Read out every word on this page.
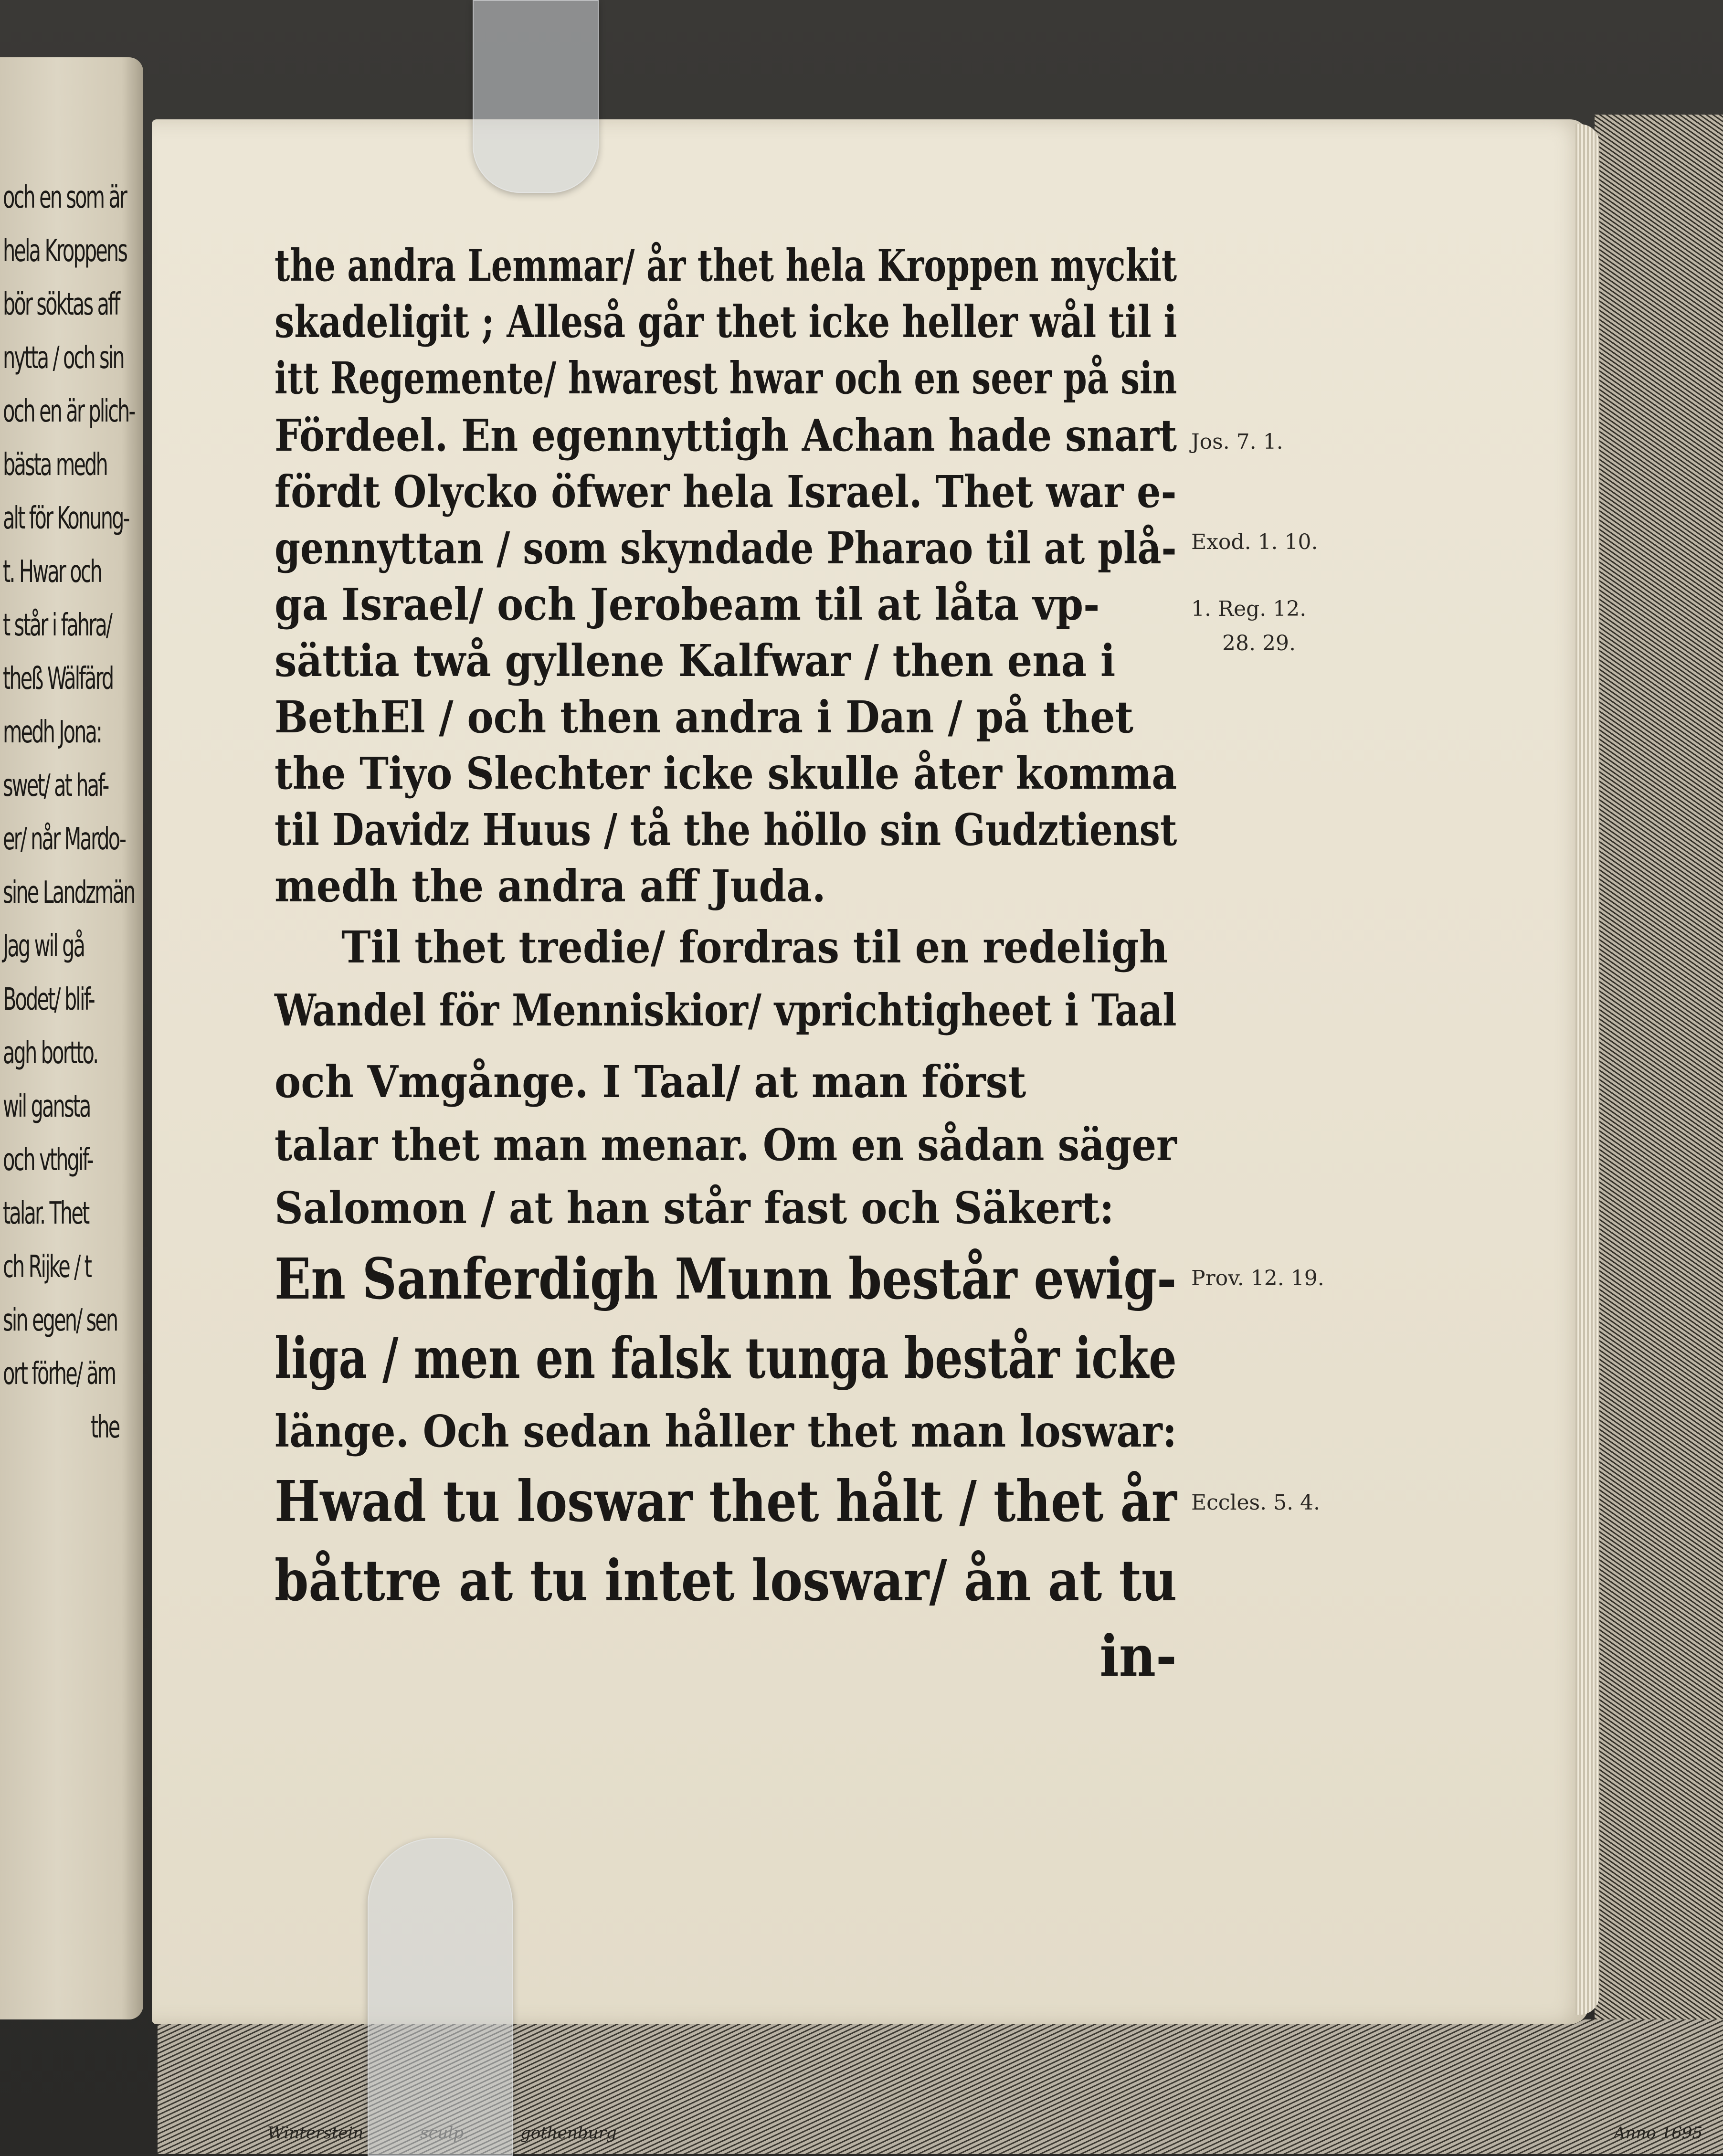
Winterstein	gothenburg	Anno 1695
och en som är
hela Kroppens
bör söktas aff
nytta / och sin
och en är plich-
bästa medh
alt för Konung-
t. Hwar och
t står i fahra/
theß Wälfärd
medh Jona:
swet/ at haf-
er/ når Mardo-
sine Landzmän
Jag wil gå
Bodet/ blif-
agh bortto.
wil gansta
och vthgif-
talar. Thet
ch Rijke / t
sin egen/ sen
ort förhe/ äm
the
the andra Lemmar/ år thet hela Kroppen myckit
skadeligit ; Alleså går thet icke heller wål til i
itt Regemente/ hwarest hwar och en seer på sin
Fördeel. En egennyttigh Achan hade snart
fördt Olycko öfwer hela Israel. Thet war e-
gennyttan / som skyndade Pharao til at plå-
ga Israel/ och Jerobeam til at låta vp-
sättia twå gyllene Kalfwar / then ena i
BethEl / och then andra i Dan / på thet
the Tiyo Slechter icke skulle åter komma
til Davidz Huus / tå the höllo sin Gudztienst
medh the andra aff Juda.
Til thet tredie/ fordras til en redeligh
Wandel för Menniskior/ vprichtigheet i Taal
och Vmgånge. I Taal/ at man först
talar thet man menar. Om en sådan säger
Salomon / at han står fast och Säkert:
En Sanferdigh Munn består ewig-
liga / men en falsk tunga består icke
länge. Och sedan håller thet man loswar:
Hwad tu loswar thet hålt / thet år
båttre at tu intet loswar/ ån at tu
in-
Jos. 7. 1.
Exod. 1. 10.
1. Reg. 12.
28. 29.
Prov. 12. 19.
Eccles. 5. 4.
